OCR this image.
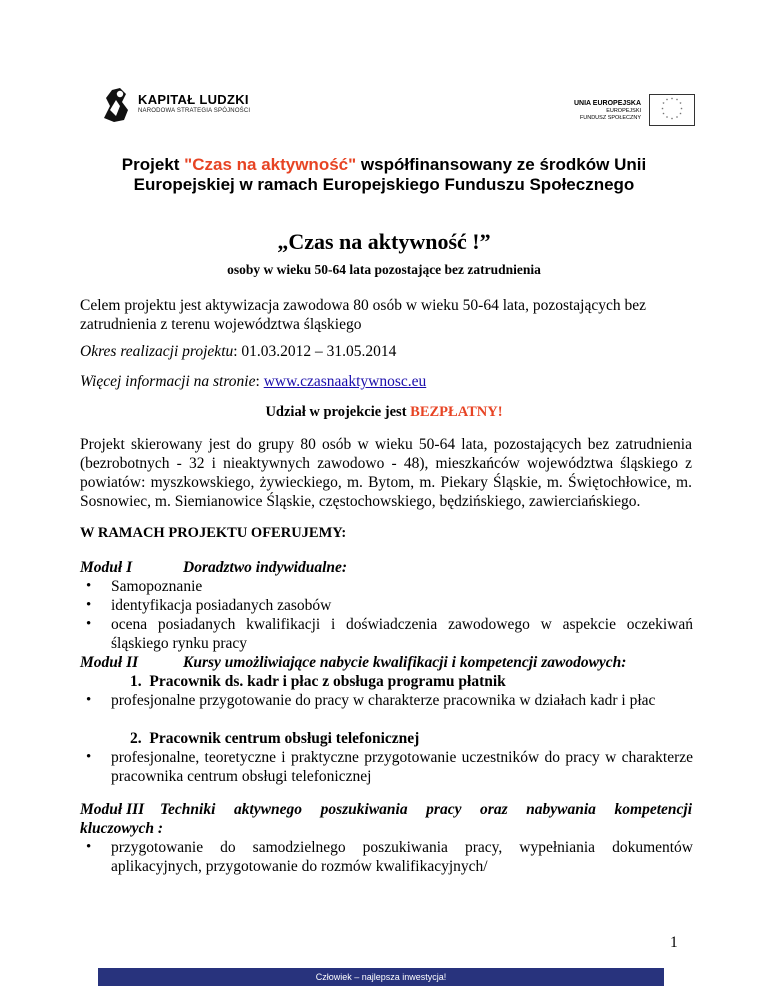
KAPITAŁ LUDZKI
NARODOWA STRATEGIA SPÓJNOŚCI
UNIA EUROPEJSKA
EUROPEJSKI
FUNDUSZ SPOŁECZNY
* *
*
*
*
*
*
*
*
*
*
*
Projekt "Czas na aktywność" współfinansowany ze środków Unii
Europejskiej w ramach Europejskiego Funduszu Społecznego
„Czas na aktywność !”
osoby w wieku 50-64 lata pozostające bez zatrudnienia
Celem projektu jest aktywizacja zawodowa 80 osób w wieku 50-64 lata, pozostających bez
zatrudnienia z terenu województwa śląskiego
Okres realizacji projektu: 01.03.2012 – 31.05.2014
Więcej informacji na stronie: www.czasnaaktywnosc.eu
Udział w projekcie jest BEZPŁATNY!
Projekt skierowany jest do grupy 80 osób w wieku 50-64 lata, pozostających bez zatrudnienia (bezrobotnych - 32 i nieaktywnych zawodowo - 48), mieszkańców województwa śląskiego z powiatów: myszkowskiego, żywieckiego, m. Bytom, m. Piekary Śląskie, m. Świętochłowice, m. Sosnowiec, m. Siemianowice Śląskie, częstochowskiego, będzińskiego, zawierciańskiego.
W RAMACH PROJEKTU OFERUJEMY:
Moduł I	Doradztwo indywidualne:
• Samopoznanie
• identyfikacja posiadanych zasobów
• ocena posiadanych kwalifikacji i doświadczenia zawodowego w aspekcie oczekiwań śląskiego rynku pracy
Moduł II	Kursy umożliwiające nabycie kwalifikacji i kompetencji zawodowych:
1. Pracownik ds. kadr i płac z obsługa programu płatnik
• profesjonalne przygotowanie do pracy w charakterze pracownika w działach kadr i płac
2. Pracownik centrum obsługi telefonicznej
• profesjonalne, teoretyczne i praktyczne przygotowanie uczestników do pracy w charakterze pracownika centrum obsługi telefonicznej
Moduł III Techniki aktywnego poszukiwania pracy oraz nabywania kompetencji
kluczowych :
• przygotowanie do samodzielnego poszukiwania pracy, wypełniania dokumentów aplikacyjnych, przygotowanie do rozmów kwalifikacyjnych/
1
Człowiek – najlepsza inwestycja!
